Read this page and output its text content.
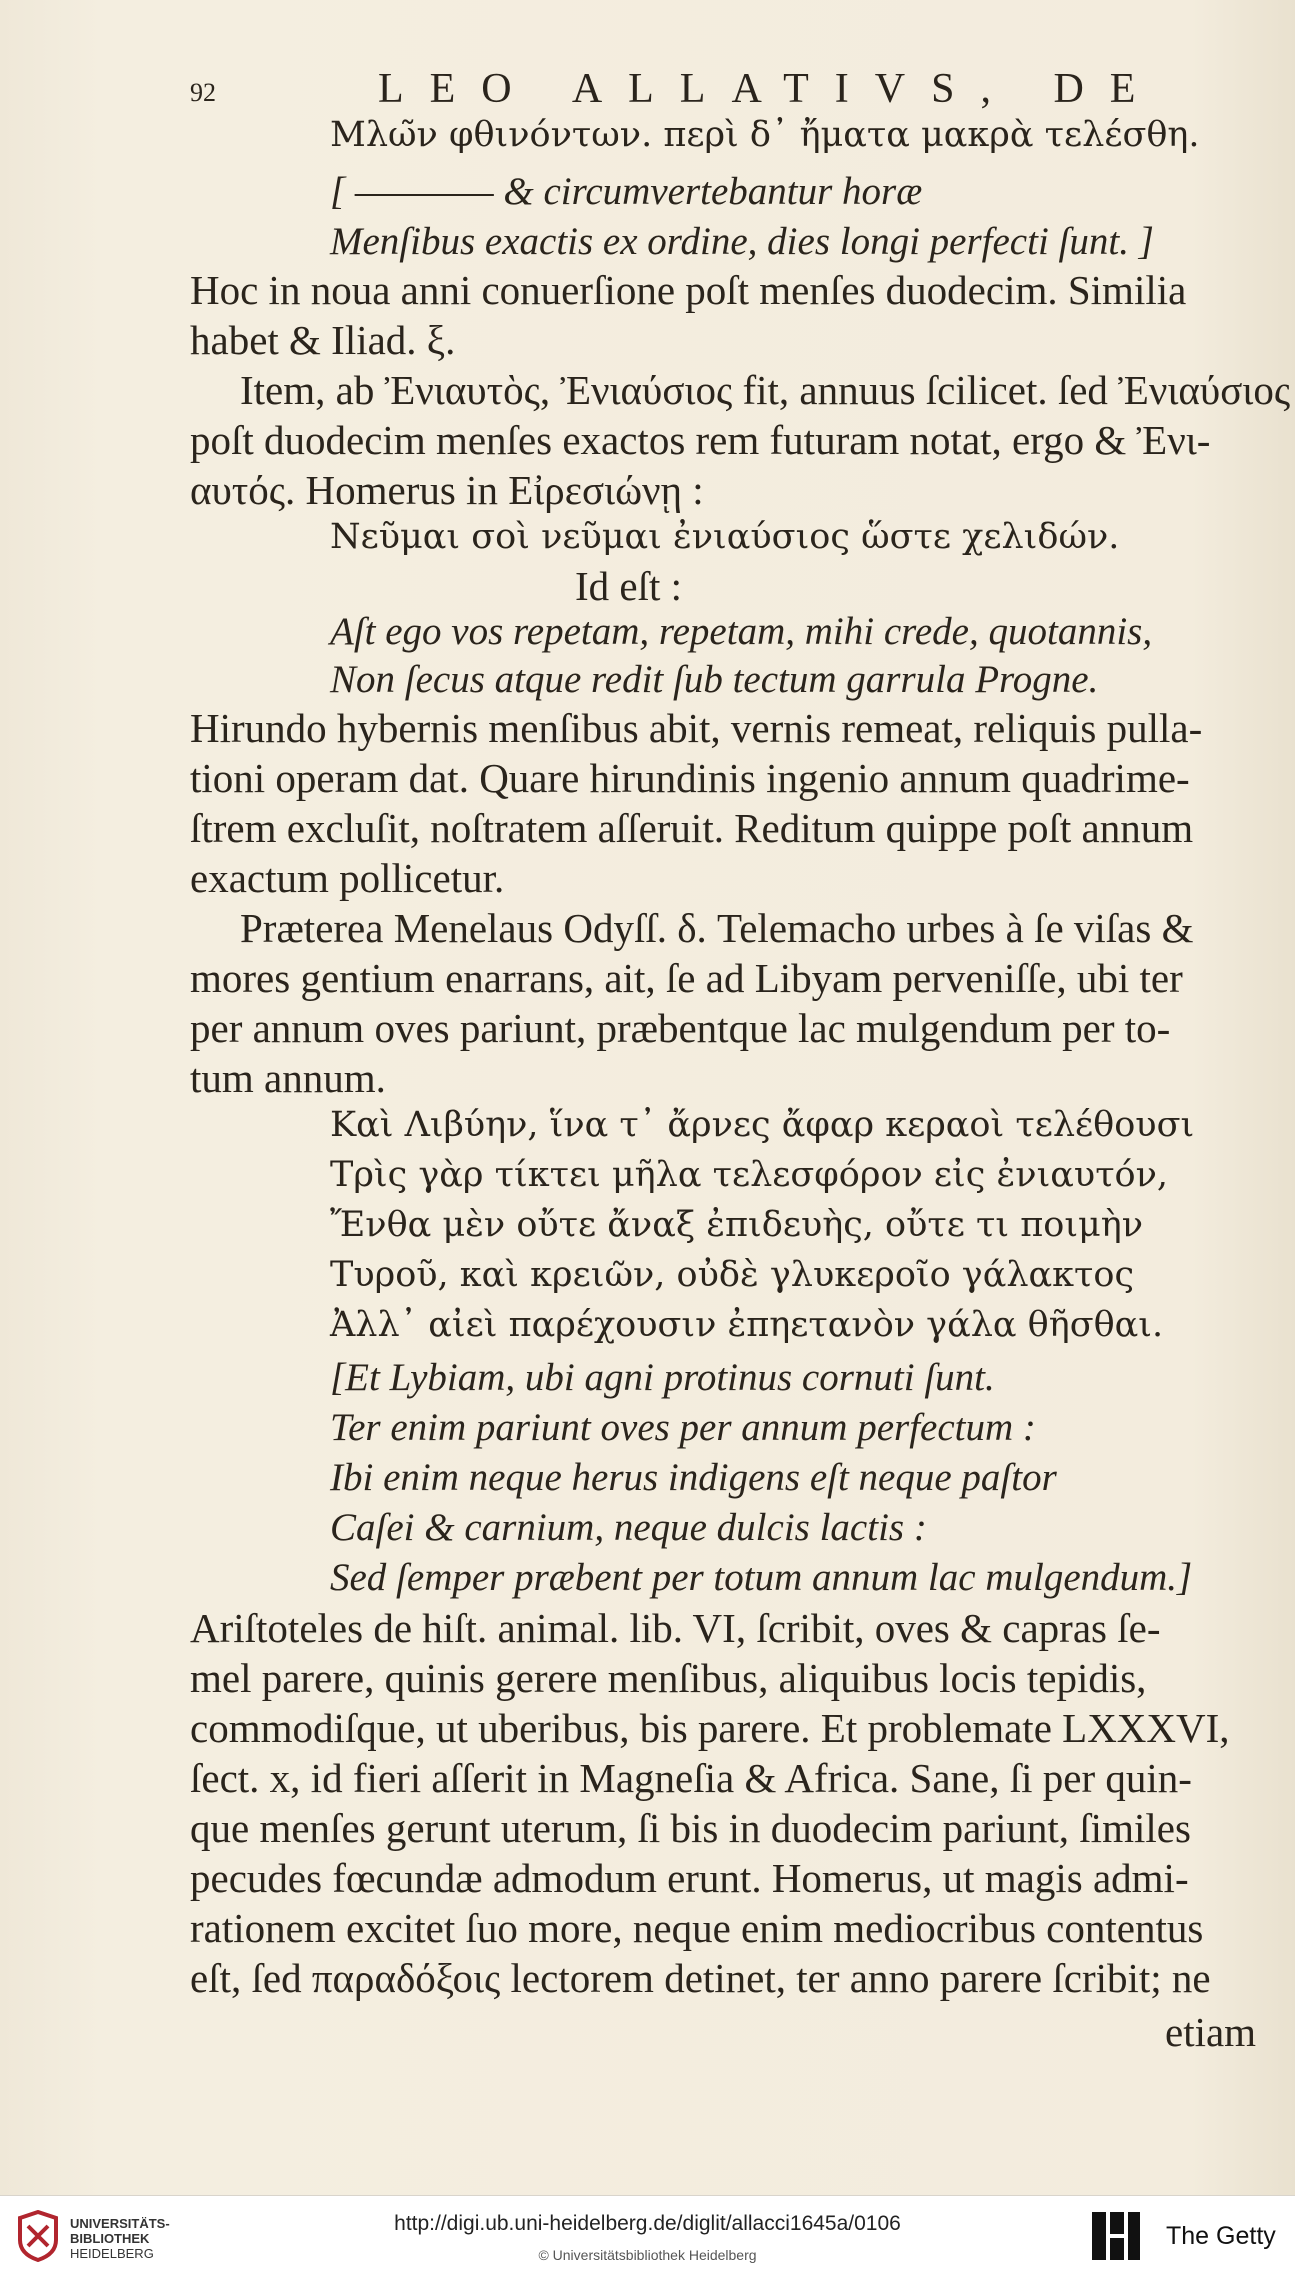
92	LEO ALLATIVS, DE
Μλω̃ν φθινόντων. περὶ δ᾽ ἤματα μακρὰ τελέσθη.
[ ———— & circumvertebantur horæ
Menſibus exactis ex ordine, dies longi perfecti ſunt. ]
Hoc in noua anni conuerſione poſt menſes duodecim. Similia
habet & Iliad. ξ.
Item, ab Ἐνιαυτὸς, Ἐνιαύσιος fit, annuus ſcilicet. ſed Ἐνιαύσιος
poſt duodecim menſes exactos rem futuram notat, ergo & Ἐνι-
αυτός. Homerus in Εἰρεσιώνῃ :
Νεῦμαι σοὶ νεῦμαι ἐνιαύσιος ὥστε χελιδών.
Id eſt :
Aſt ego vos repetam, repetam, mihi crede, quotannis,
Non ſecus atque redit ſub tectum garrula Progne.
Hirundo hybernis menſibus abit, vernis remeat, reliquis pulla-
tioni operam dat. Quare hirundinis ingenio annum quadrime-
ſtrem excluſit, noſtratem aſſeruit. Reditum quippe poſt annum
exactum pollicetur.
Præterea Menelaus Odyſſ. δ. Telemacho urbes à ſe viſas &
mores gentium enarrans, ait, ſe ad Libyam perveniſſe, ubi ter
per annum oves pariunt, præbentque lac mulgendum per to-
tum annum.
Καὶ Λιβύην, ἵνα τ᾽ ἄρνες ἄφαρ κεραοὶ τελέθουσι
Τρὶς γὰρ τίκτει μῆλα τελεσφόρον εἰς ἐνιαυτόν,
Ἔνθα μὲν οὔτε ἄναξ ἐπιδευὴς, οὔτε τι ποιμὴν
Τυροῦ, καὶ κρειῶν, οὐδὲ γλυκεροῖο γάλακτος
Ἀλλ᾽ αἰεὶ παρέχουσιν ἐπηετανὸν γάλα θῆσθαι.
[Et Lybiam, ubi agni protinus cornuti ſunt.
Ter enim pariunt oves per annum perfectum :
Ibi enim neque herus indigens eſt neque paſtor
Caſei & carnium, neque dulcis lactis :
Sed ſemper præbent per totum annum lac mulgendum.]
Ariſtoteles de hiſt. animal. lib. VI, ſcribit, oves & capras ſe-
mel parere, quinis gerere menſibus, aliquibus locis tepidis,
commodiſque, ut uberibus, bis parere. Et problemate LXXXVI,
ſect. x, id fieri aſſerit in Magneſia & Africa. Sane, ſi per quin-
que menſes gerunt uterum, ſi bis in duodecim pariunt, ſimiles
pecudes fœcundæ admodum erunt. Homerus, ut magis admi-
rationem excitet ſuo more, neque enim mediocribus contentus
eſt, ſed παραδόξοις lectorem detinet, ter anno parere ſcribit; ne
etiam
UNIVERSITÄTS-
BIBLIOTHEK
HEIDELBERG
http://digi.ub.uni-heidelberg.de/diglit/allacci1645a/0106
© Universitätsbibliothek Heidelberg
The Getty
